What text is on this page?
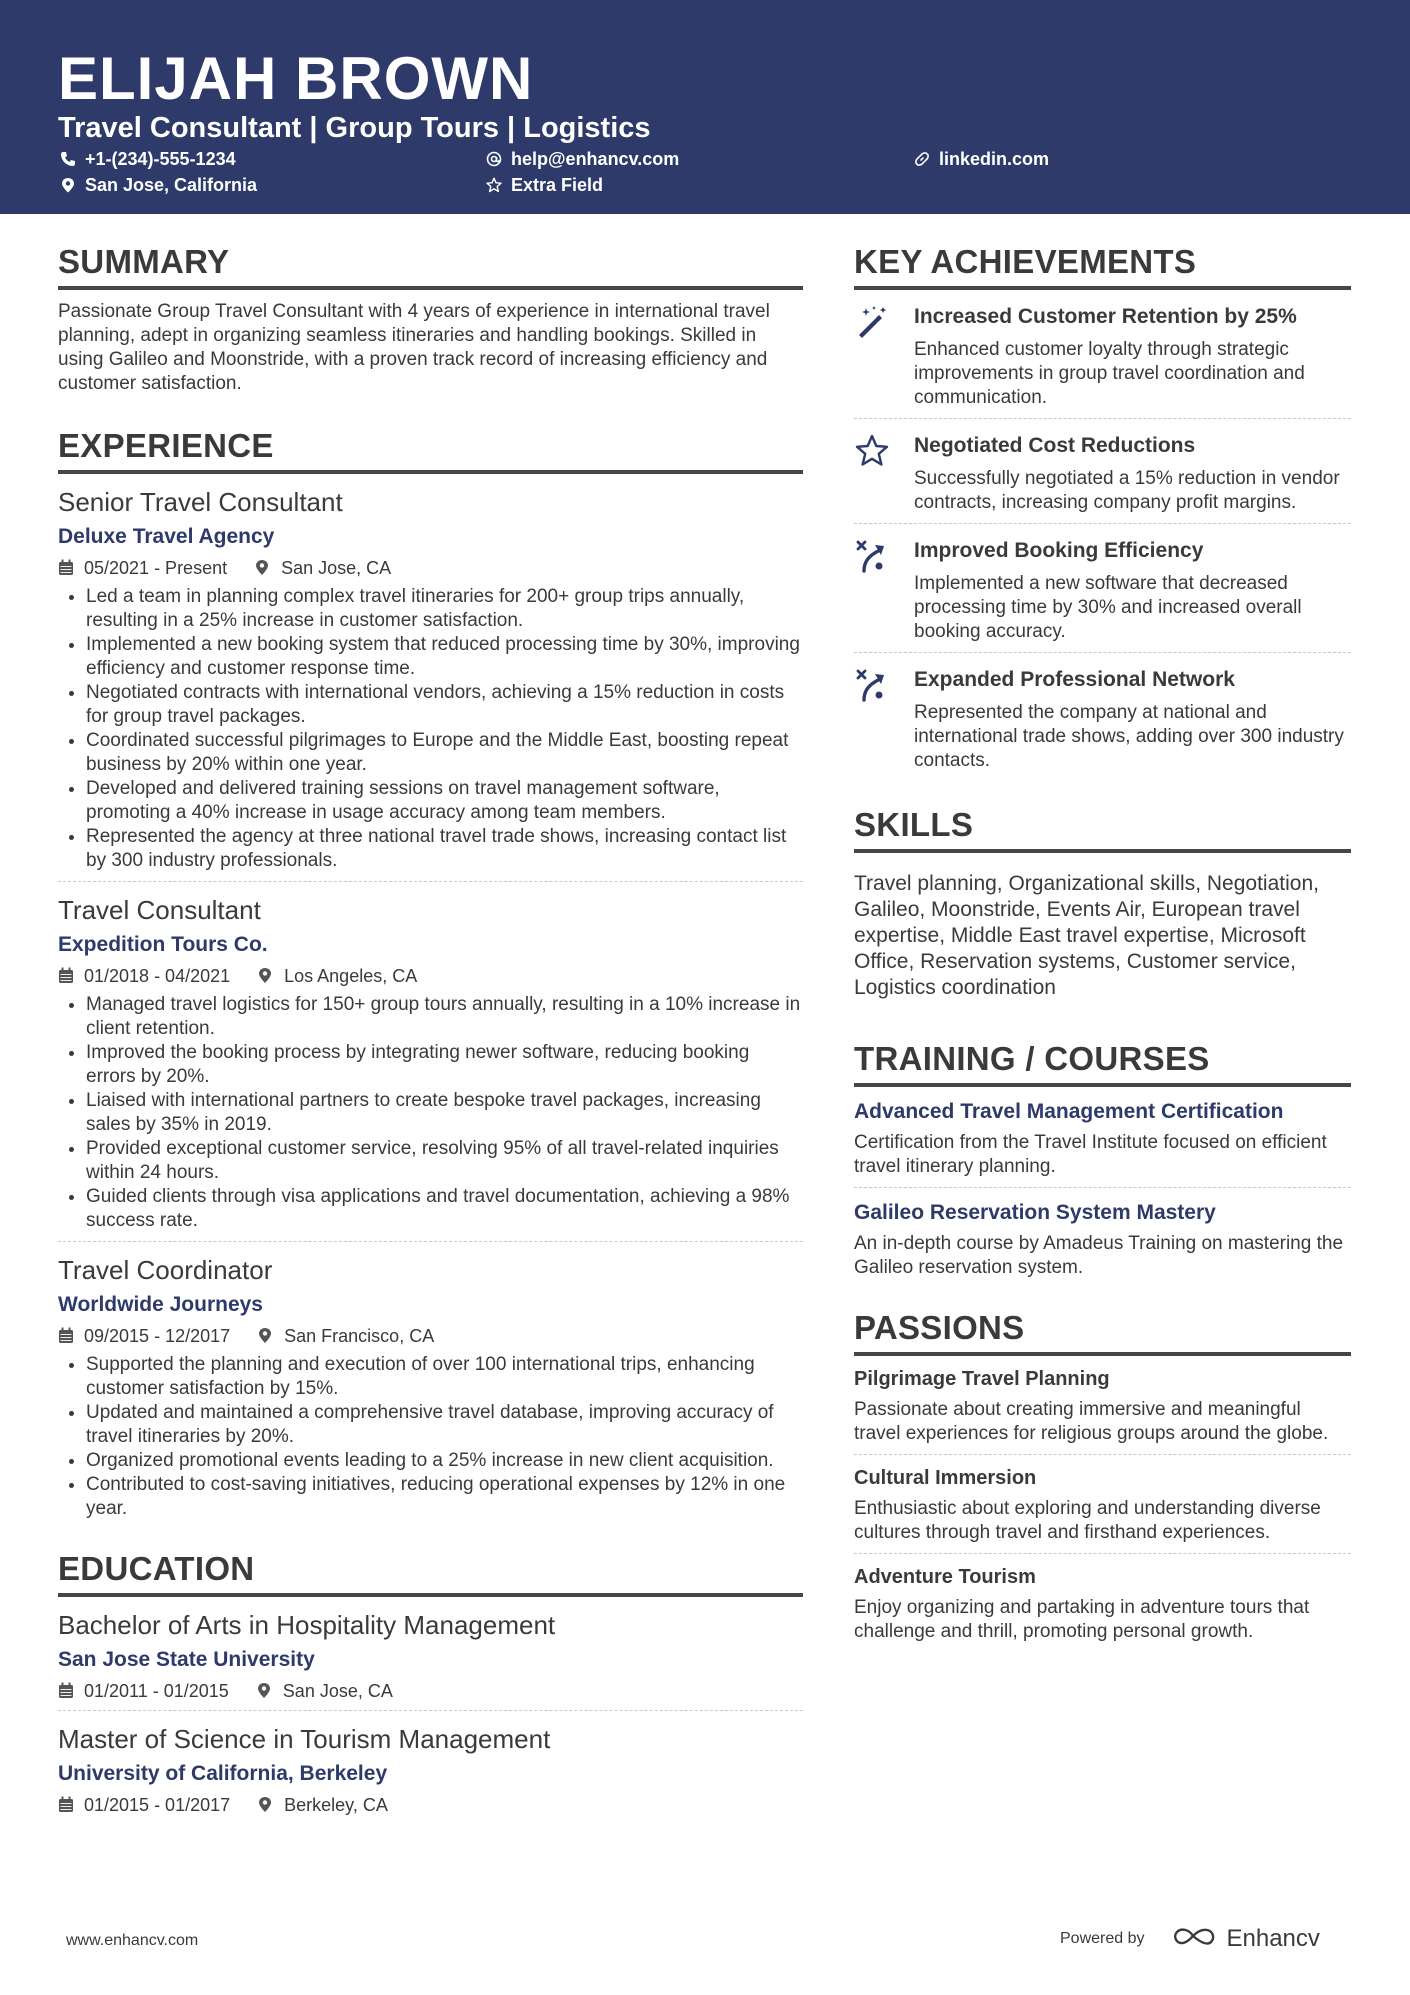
ELIJAH BROWN
Travel Consultant | Group Tours | Logistics
+1-(234)-555-1234	help@enhancv.com	linkedin.com
San Jose, California	Extra Field
SUMMARY

Passionate Group Travel Consultant with 4 years of experience in international travel planning, adept in organizing seamless itineraries and handling bookings. Skilled in using Galileo and Moonstride, with a proven track record of increasing efficiency and customer satisfaction.

EXPERIENCE
Senior Travel Consultant
Deluxe Travel Agency
05/2021 - Present	San Jose, CA
• Led a team in planning complex travel itineraries for 200+ group trips annually, resulting in a 25% increase in customer satisfaction.
• Implemented a new booking system that reduced processing time by 30%, improving efficiency and customer response time.
• Negotiated contracts with international vendors, achieving a 15% reduction in costs for group travel packages.
• Coordinated successful pilgrimages to Europe and the Middle East, boosting repeat business by 20% within one year.
• Developed and delivered training sessions on travel management software, promoting a 40% increase in usage accuracy among team members.
• Represented the agency at three national travel trade shows, increasing contact list by 300 industry professionals.
Travel Consultant
Expedition Tours Co.
01/2018 - 04/2021	Los Angeles, CA
• Managed travel logistics for 150+ group tours annually, resulting in a 10% increase in client retention.
• Improved the booking process by integrating newer software, reducing booking errors by 20%.
• Liaised with international partners to create bespoke travel packages, increasing sales by 35% in 2019.
• Provided exceptional customer service, resolving 95% of all travel-related inquiries within 24 hours.
• Guided clients through visa applications and travel documentation, achieving a 98% success rate.
Travel Coordinator
Worldwide Journeys
09/2015 - 12/2017	San Francisco, CA
• Supported the planning and execution of over 100 international trips, enhancing customer satisfaction by 15%.
• Updated and maintained a comprehensive travel database, improving accuracy of travel itineraries by 20%.
• Organized promotional events leading to a 25% increase in new client acquisition.
• Contributed to cost-saving initiatives, reducing operational expenses by 12% in one year.
EDUCATION
Bachelor of Arts in Hospitality Management
San Jose State University
01/2011 - 01/2015	San Jose, CA
Master of Science in Tourism Management
University of California, Berkeley
01/2015 - 01/2017	Berkeley, CA
KEY ACHIEVEMENTS
Increased Customer Retention by 25%
Enhanced customer loyalty through strategic improvements in group travel coordination and communication.
Negotiated Cost Reductions
Successfully negotiated a 15% reduction in vendor contracts, increasing company profit margins.
Improved Booking Efficiency
Implemented a new software that decreased processing time by 30% and increased overall booking accuracy.
Expanded Professional Network
Represented the company at national and international trade shows, adding over 300 industry contacts.
SKILLS
Travel planning, Organizational skills, Negotiation, Galileo, Moonstride, Events Air, European travel expertise, Middle East travel expertise, Microsoft Office, Reservation systems, Customer service, Logistics coordination
TRAINING / COURSES
Advanced Travel Management Certification
Certification from the Travel Institute focused on efficient travel itinerary planning.
Galileo Reservation System Mastery
An in-depth course by Amadeus Training on mastering the Galileo reservation system.
PASSIONS
Pilgrimage Travel Planning
Passionate about creating immersive and meaningful travel experiences for religious groups around the globe.
Cultural Immersion
Enthusiastic about exploring and understanding diverse cultures through travel and firsthand experiences.
Adventure Tourism
Enjoy organizing and partaking in adventure tours that challenge and thrill, promoting personal growth.
www.enhancv.com	Powered by	Enhancv
